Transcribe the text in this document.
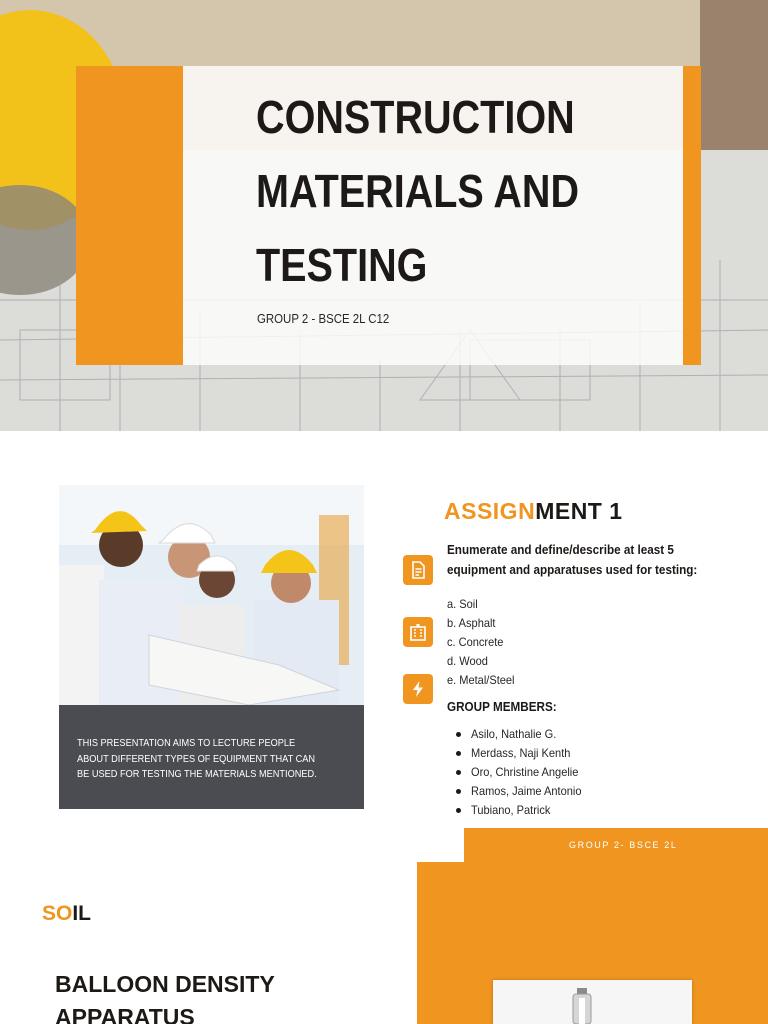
CONSTRUCTION
MATERIALS AND
TESTING
GROUP 2 - BSCE 2L C12
THIS PRESENTATION AIMS TO LECTURE PEOPLE ABOUT DIFFERENT TYPES OF EQUIPMENT THAT CAN BE USED FOR TESTING THE MATERIALS MENTIONED.
ASSIGNMENT 1
Enumerate and define/describe at least 5 equipment and apparatuses used for testing:
a. Soil
b. Asphalt
c. Concrete
d. Wood
e. Metal/Steel
GROUP MEMBERS:
Asilo, Nathalie G.
Merdass, Naji Kenth
Oro, Christine Angelie
Ramos, Jaime Antonio
Tubiano, Patrick
GROUP 2- BSCE 2L
SOIL
BALLOON DENSITY
APPARATUS
